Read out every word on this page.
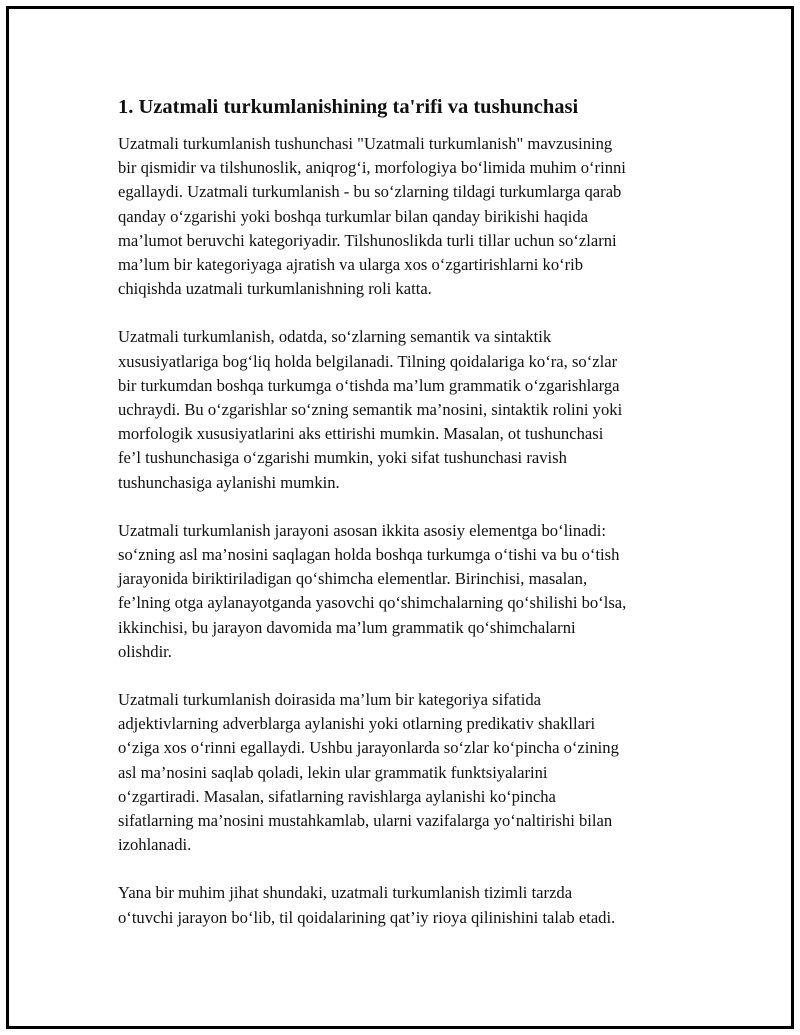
1. Uzatmali turkumlanishining ta'rifi va tushunchasi

Uzatmali turkumlanish tushunchasi "Uzatmali turkumlanish" mavzusining
bir qismidir va tilshunoslik, aniqrog‘i, morfologiya bo‘limida muhim o‘rinni
egallaydi. Uzatmali turkumlanish - bu so‘zlarning tildagi turkumlarga qarab
qanday o‘zgarishi yoki boshqa turkumlar bilan qanday birikishi haqida
ma’lumot beruvchi kategoriyadir. Tilshunoslikda turli tillar uchun so‘zlarni
ma’lum bir kategoriyaga ajratish va ularga xos o‘zgartirishlarni ko‘rib
chiqishda uzatmali turkumlanishning roli katta.

Uzatmali turkumlanish, odatda, so‘zlarning semantik va sintaktik
xususiyatlariga bog‘liq holda belgilanadi. Tilning qoidalariga ko‘ra, so‘zlar
bir turkumdan boshqa turkumga o‘tishda ma’lum grammatik o‘zgarishlarga
uchraydi. Bu o‘zgarishlar so‘zning semantik ma’nosini, sintaktik rolini yoki
morfologik xususiyatlarini aks ettirishi mumkin. Masalan, ot tushunchasi
fe’l tushunchasiga o‘zgarishi mumkin, yoki sifat tushunchasi ravish
tushunchasiga aylanishi mumkin.

Uzatmali turkumlanish jarayoni asosan ikkita asosiy elementga bo‘linadi:
so‘zning asl ma’nosini saqlagan holda boshqa turkumga o‘tishi va bu o‘tish
jarayonida biriktiriladigan qo‘shimcha elementlar. Birinchisi, masalan,
fe’lning otga aylanayotganda yasovchi qo‘shimchalarning qo‘shilishi bo‘lsa,
ikkinchisi, bu jarayon davomida ma’lum grammatik qo‘shimchalarni
olishdir.

Uzatmali turkumlanish doirasida ma’lum bir kategoriya sifatida
adjektivlarning adverblarga aylanishi yoki otlarning predikativ shakllari
o‘ziga xos o‘rinni egallaydi. Ushbu jarayonlarda so‘zlar ko‘pincha o‘zining
asl ma’nosini saqlab qoladi, lekin ular grammatik funktsiyalarini
o‘zgartiradi. Masalan, sifatlarning ravishlarga aylanishi ko‘pincha
sifatlarning ma’nosini mustahkamlab, ularni vazifalarga yo‘naltirishi bilan
izohlanadi.

Yana bir muhim jihat shundaki, uzatmali turkumlanish tizimli tarzda
o‘tuvchi jarayon bo‘lib, til qoidalarining qat’iy rioya qilinishini talab etadi.
